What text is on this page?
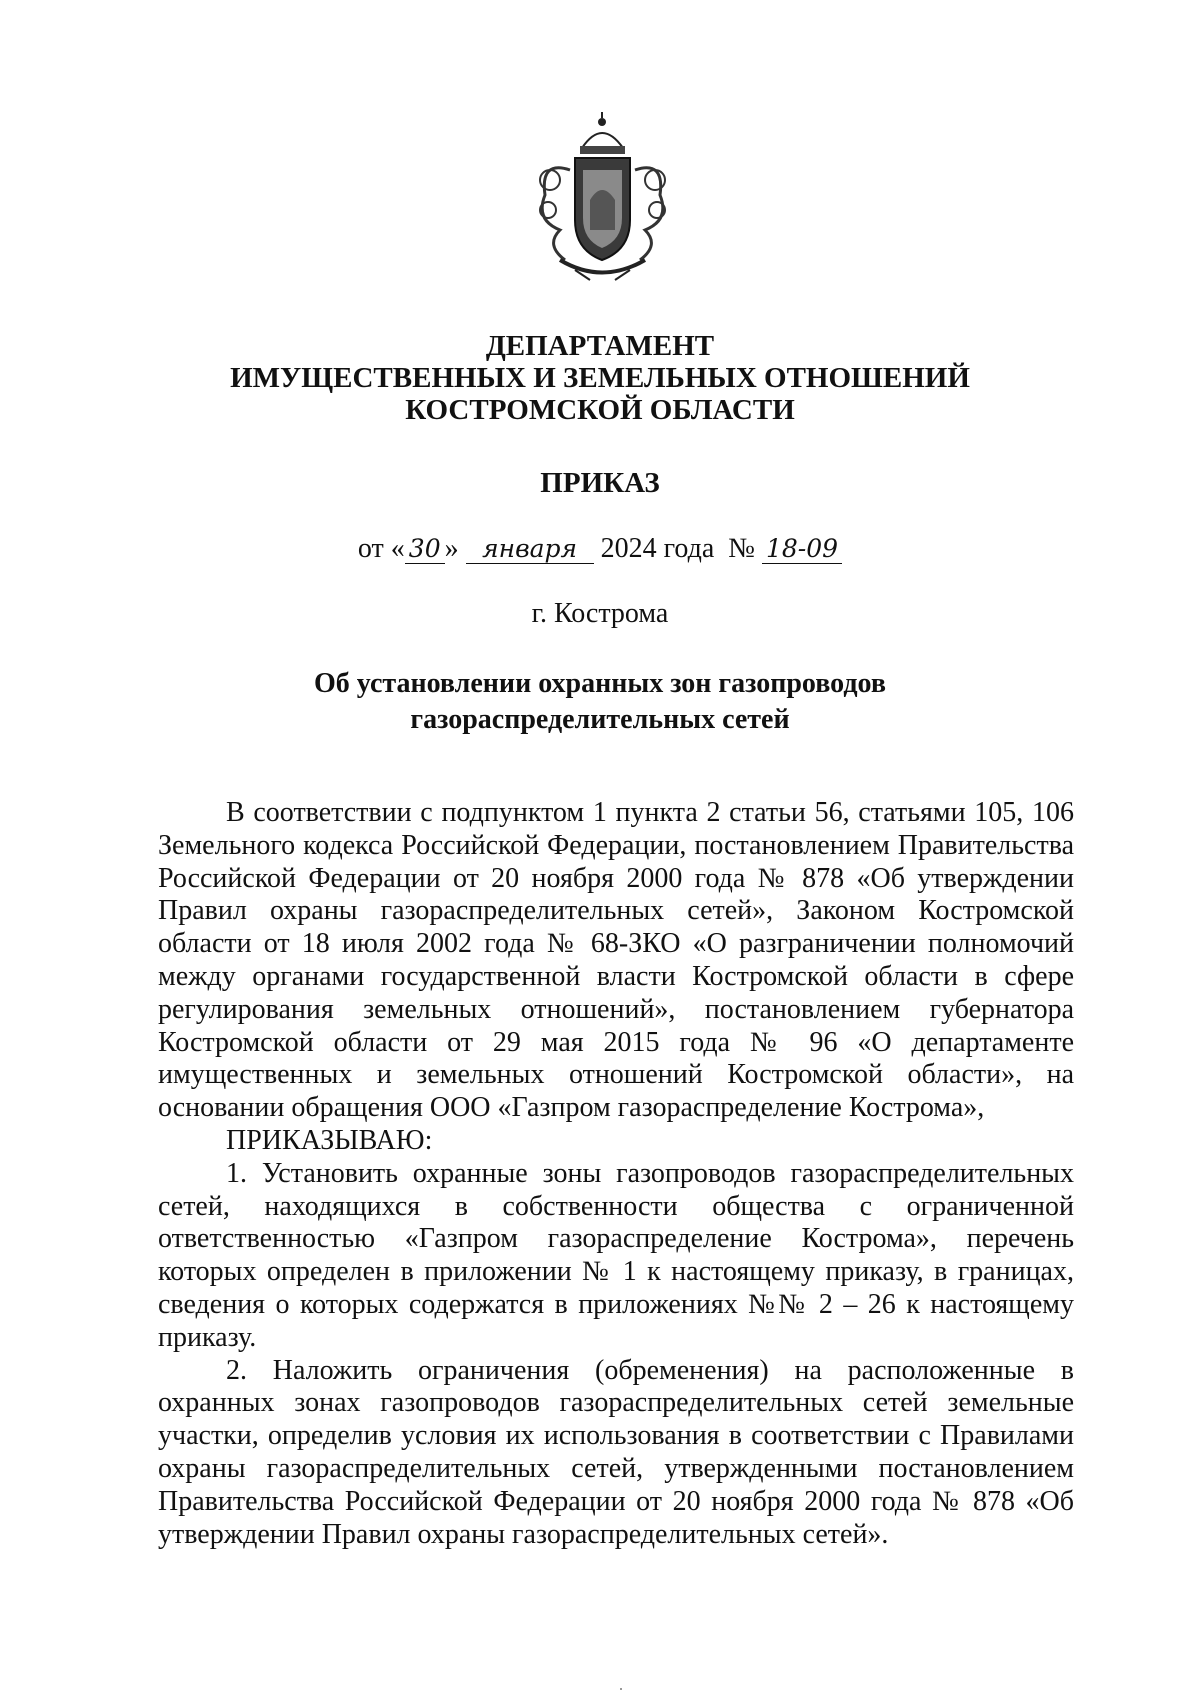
ДЕПАРТАМЕНТ
ИМУЩЕСТВЕННЫХ И ЗЕМЕЛЬНЫХ ОТНОШЕНИЙ
КОСТРОМСКОЙ ОБЛАСТИ
ПРИКАЗ
от « 30 » января 2024 года № 18-09
г. Кострома
Об установлении охранных зон газопроводов
газораспределительных сетей

В соответствии с подпунктом 1 пункта 2 статьи 56, статьями 105, 106 Земельного кодекса Российской Федерации, постановлением Правительства Российской Федерации от 20 ноября 2000 года № 878 «Об утверждении Правил охраны газораспределительных сетей», Законом Костромской области от 18 июля 2002 года № 68-ЗКО «О разграничении полномочий между органами государственной власти Костромской области в сфере регулирования земельных отношений», постановлением губернатора Костромской области от 29 мая 2015 года № 96 «О департаменте имущественных и земельных отношений Костромской области», на основании обращения ООО «Газпром газораспределение Кострома»,

ПРИКАЗЫВАЮ:

1. Установить охранные зоны газопроводов газораспределительных сетей, находящихся в собственности общества с ограниченной ответственностью «Газпром газораспределение Кострома», перечень которых определен в приложении № 1 к настоящему приказу, в границах, сведения о которых содержатся в приложениях №№ 2 – 26 к настоящему приказу.

2. Наложить ограничения (обременения) на расположенные в охранных зонах газопроводов газораспределительных сетей земельные участки, определив условия их использования в соответствии с Правилами охраны газораспределительных сетей, утвержденными постановлением Правительства Российской Федерации от 20 ноября 2000 года № 878 «Об утверждении Правил охраны газораспределительных сетей».
